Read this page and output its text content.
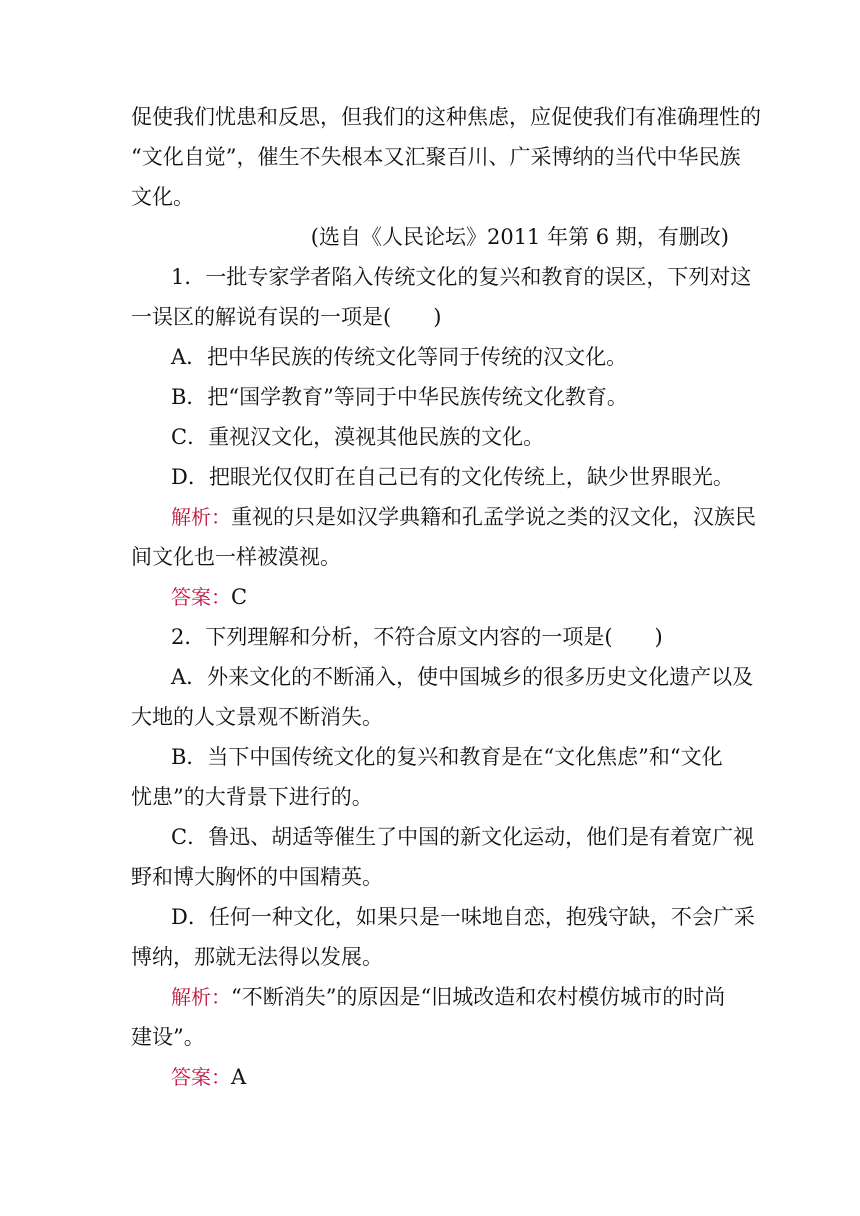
促使我们忧患和反思，但我们的这种焦虑，应促使我们有准确理性的
“文化自觉”，催生不失根本又汇聚百川、广采博纳的当代中华民族
文化。
(选自《人民论坛》2011 年第 6 期，有删改)
1．一批专家学者陷入传统文化的复兴和教育的误区，下列对这
一误区的解说有误的一项是(　　)
A．把中华民族的传统文化等同于传统的汉文化。
B．把“国学教育”等同于中华民族传统文化教育。
C．重视汉文化，漠视其他民族的文化。
D．把眼光仅仅盯在自己已有的文化传统上，缺少世界眼光。
解析：重视的只是如汉学典籍和孔孟学说之类的汉文化，汉族民
间文化也一样被漠视。
答案：C
2．下列理解和分析，不符合原文内容的一项是(　　)
A．外来文化的不断涌入，使中国城乡的很多历史文化遗产以及
大地的人文景观不断消失。
B．当下中国传统文化的复兴和教育是在“文化焦虑”和“文化
忧患”的大背景下进行的。
C．鲁迅、胡适等催生了中国的新文化运动，他们是有着宽广视
野和博大胸怀的中国精英。
D．任何一种文化，如果只是一味地自恋，抱残守缺，不会广采
博纳，那就无法得以发展。
解析：“不断消失”的原因是“旧城改造和农村模仿城市的时尚
建设”。
答案：A
